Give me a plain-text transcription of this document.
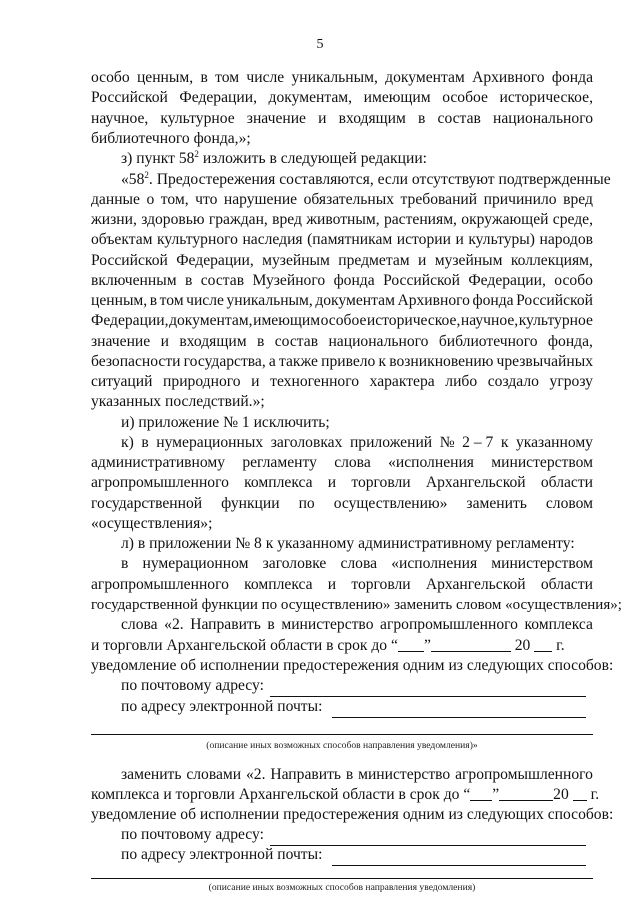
5
особо ценным, в том числе уникальным, документам Архивного фонда
Российской Федерации, документам, имеющим особое историческое,
научное, культурное значение и входящим в состав национального
библиотечного фонда,»;
з) пункт $58^2$ изложить в следующей редакции:
«$58^2$. Предостережения составляются, если отсутствуют подтвержденные
данные о том, что нарушение обязательных требований причинило вред
жизни, здоровью граждан, вред животным, растениям, окружающей среде,
объектам культурного наследия (памятникам истории и культуры) народов
Российской Федерации, музейным предметам и музейным коллекциям,
включенным в состав Музейного фонда Российской Федерации, особо
ценным, в том числе уникальным, документам Архивного фонда Российской
Федерации, документам, имеющим особое историческое, научное, культурное
значение и входящим в состав национального библиотечного фонда,
безопасности государства, а также привело к возникновению чрезвычайных
ситуаций природного и техногенного характера либо создало угрозу
указанных последствий.»;
и) приложение № 1 исключить;
к) в нумерационных заголовках приложений № 2 – 7 к указанному
административному регламенту слова «исполнения министерством
агропромышленного комплекса и торговли Архангельской области
государственной функции по осуществлению» заменить словом
«осуществления»;
л) в приложении № 8 к указанному административному регламенту:
в нумерационном заголовке слова «исполнения министерством
агропромышленного комплекса и торговли Архангельской области
государственной функции по осуществлению» заменить словом «осуществления»;
слова «2. Направить в министерство агропромышленного комплекса
и торговли Архангельской области в срок до “ ”	20  г.
уведомление об исполнении предостережения одним из следующих способов:
по почтовому адресу:
по адресу электронной почты:
(описание иных возможных способов направления уведомления)»
заменить словами «2. Направить в министерство агропромышленного
комплекса и торговли Архангельской области в срок до “ ”	20  г.
уведомление об исполнении предостережения одним из следующих способов:
по почтовому адресу:
по адресу электронной почты:
(описание иных возможных способов направления уведомления)
